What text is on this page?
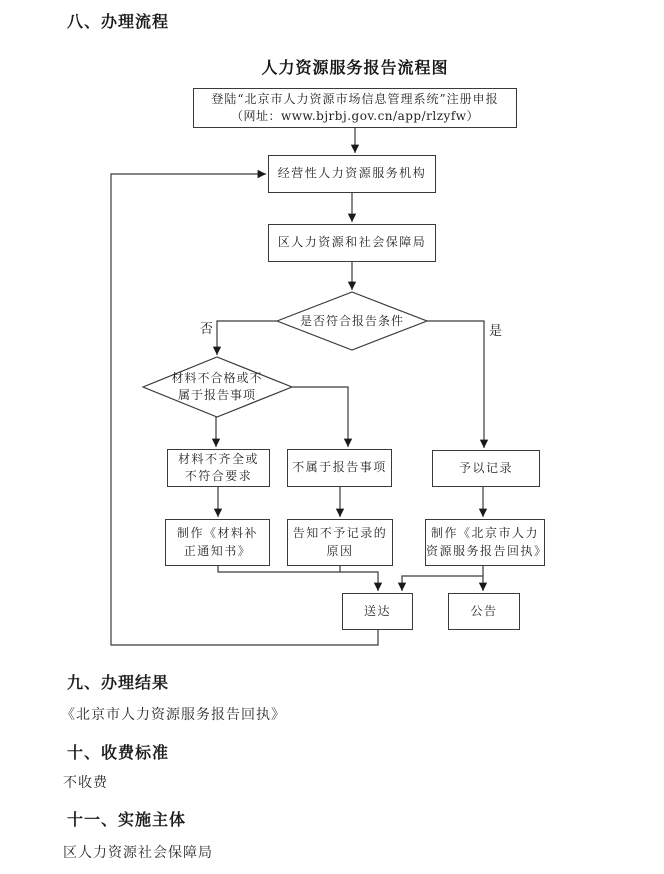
八、办理流程
人力资源服务报告流程图
登陆“北京市人力资源市场信息管理系统”注册申报
（网址：www.bjrbj.gov.cn/app/rlzyfw）
经营性人力资源服务机构
区人力资源和社会保障局
材料不齐全或
不符合要求
不属于报告事项	予以记录
制作《材料补
正通知书》
告知不予记录的原因
制作《北京市人力
资源服务报告回执》
送达	公告
是否符合报告条件
材料不合格或不
属于报告事项
否	是
九、办理结果
《北京市人力资源服务报告回执》
十、收费标准
不收费
十一、实施主体
区人力资源社会保障局
